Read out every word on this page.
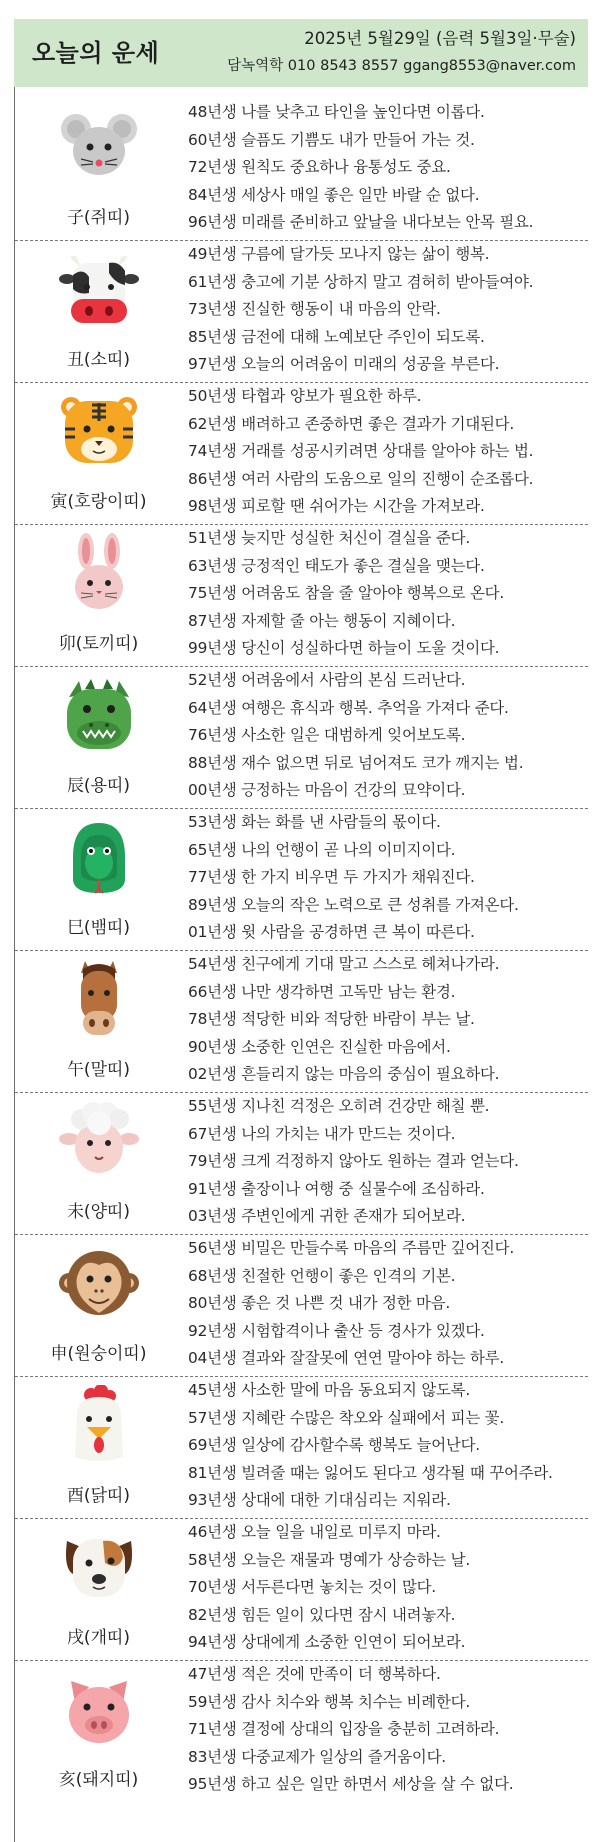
오늘의 운세
2025년 5월29일 (음력 5월3일·무술)
담녹역학 010 8543 8557 ggang8553@naver.com
子(쥐띠)
48년생 나를 낮추고 타인을 높인다면 이롭다.
60년생 슬픔도 기쁨도 내가 만들어 가는 것.
72년생 원칙도 중요하나 융통성도 중요.
84년생 세상사 매일 좋은 일만 바랄 순 없다.
96년생 미래를 준비하고 앞날을 내다보는 안목 필요.
丑(소띠)
49년생 구름에 달가듯 모나지 않는 삶이 행복.
61년생 충고에 기분 상하지 말고 겸허히 받아들여야.
73년생 진실한 행동이 내 마음의 안락.
85년생 금전에 대해 노예보단 주인이 되도록.
97년생 오늘의 어려움이 미래의 성공을 부른다.
寅(호랑이띠)
50년생 타협과 양보가 필요한 하루.
62년생 배려하고 존중하면 좋은 결과가 기대된다.
74년생 거래를 성공시키려면 상대를 알아야 하는 법.
86년생 여러 사람의 도움으로 일의 진행이 순조롭다.
98년생 피로할 땐 쉬어가는 시간을 가져보라.
卯(토끼띠)
51년생 늦지만 성실한 처신이 결실을 준다.
63년생 긍정적인 태도가 좋은 결실을 맺는다.
75년생 어려움도 참을 줄 알아야 행복으로 온다.
87년생 자제할 줄 아는 행동이 지혜이다.
99년생 당신이 성실하다면 하늘이 도울 것이다.
辰(용띠)
52년생 어려움에서 사람의 본심 드러난다.
64년생 여행은 휴식과 행복. 추억을 가져다 준다.
76년생 사소한 일은 대범하게 잊어보도록.
88년생 재수 없으면 뒤로 넘어져도 코가 깨지는 법.
00년생 긍정하는 마음이 건강의 묘약이다.
巳(뱀띠)
53년생 화는 화를 낸 사람들의 몫이다.
65년생 나의 언행이 곧 나의 이미지이다.
77년생 한 가지 비우면 두 가지가 채워진다.
89년생 오늘의 작은 노력으로 큰 성취를 가져온다.
01년생 윗 사람을 공경하면 큰 복이 따른다.
午(말띠)
54년생 친구에게 기대 말고 스스로 헤쳐나가라.
66년생 나만 생각하면 고독만 남는 환경.
78년생 적당한 비와 적당한 바람이 부는 날.
90년생 소중한 인연은 진실한 마음에서.
02년생 흔들리지 않는 마음의 중심이 필요하다.
未(양띠)
55년생 지나친 걱정은 오히려 건강만 해칠 뿐.
67년생 나의 가치는 내가 만드는 것이다.
79년생 크게 걱정하지 않아도 원하는 결과 얻는다.
91년생 출장이나 여행 중 실물수에 조심하라.
03년생 주변인에게 귀한 존재가 되어보라.
申(원숭이띠)
56년생 비밀은 만들수록 마음의 주름만 깊어진다.
68년생 친절한 언행이 좋은 인격의 기본.
80년생 좋은 것 나쁜 것 내가 정한 마음.
92년생 시험합격이나 출산 등 경사가 있겠다.
04년생 결과와 잘잘못에 연연 말아야 하는 하루.
酉(닭띠)
45년생 사소한 말에 마음 동요되지 않도록.
57년생 지혜란 수많은 착오와 실패에서 피는 꽃.
69년생 일상에 감사할수록 행복도 늘어난다.
81년생 빌려줄 때는 잃어도 된다고 생각될 때 꾸어주라.
93년생 상대에 대한 기대심리는 지워라.
戌(개띠)
46년생 오늘 일을 내일로 미루지 마라.
58년생 오늘은 재물과 명예가 상승하는 날.
70년생 서두른다면 놓치는 것이 많다.
82년생 힘든 일이 있다면 잠시 내려놓자.
94년생 상대에게 소중한 인연이 되어보라.
亥(돼지띠)
47년생 적은 것에 만족이 더 행복하다.
59년생 감사 치수와 행복 치수는 비례한다.
71년생 결정에 상대의 입장을 충분히 고려하라.
83년생 다중교제가 일상의 즐거움이다.
95년생 하고 싶은 일만 하면서 세상을 살 수 없다.
